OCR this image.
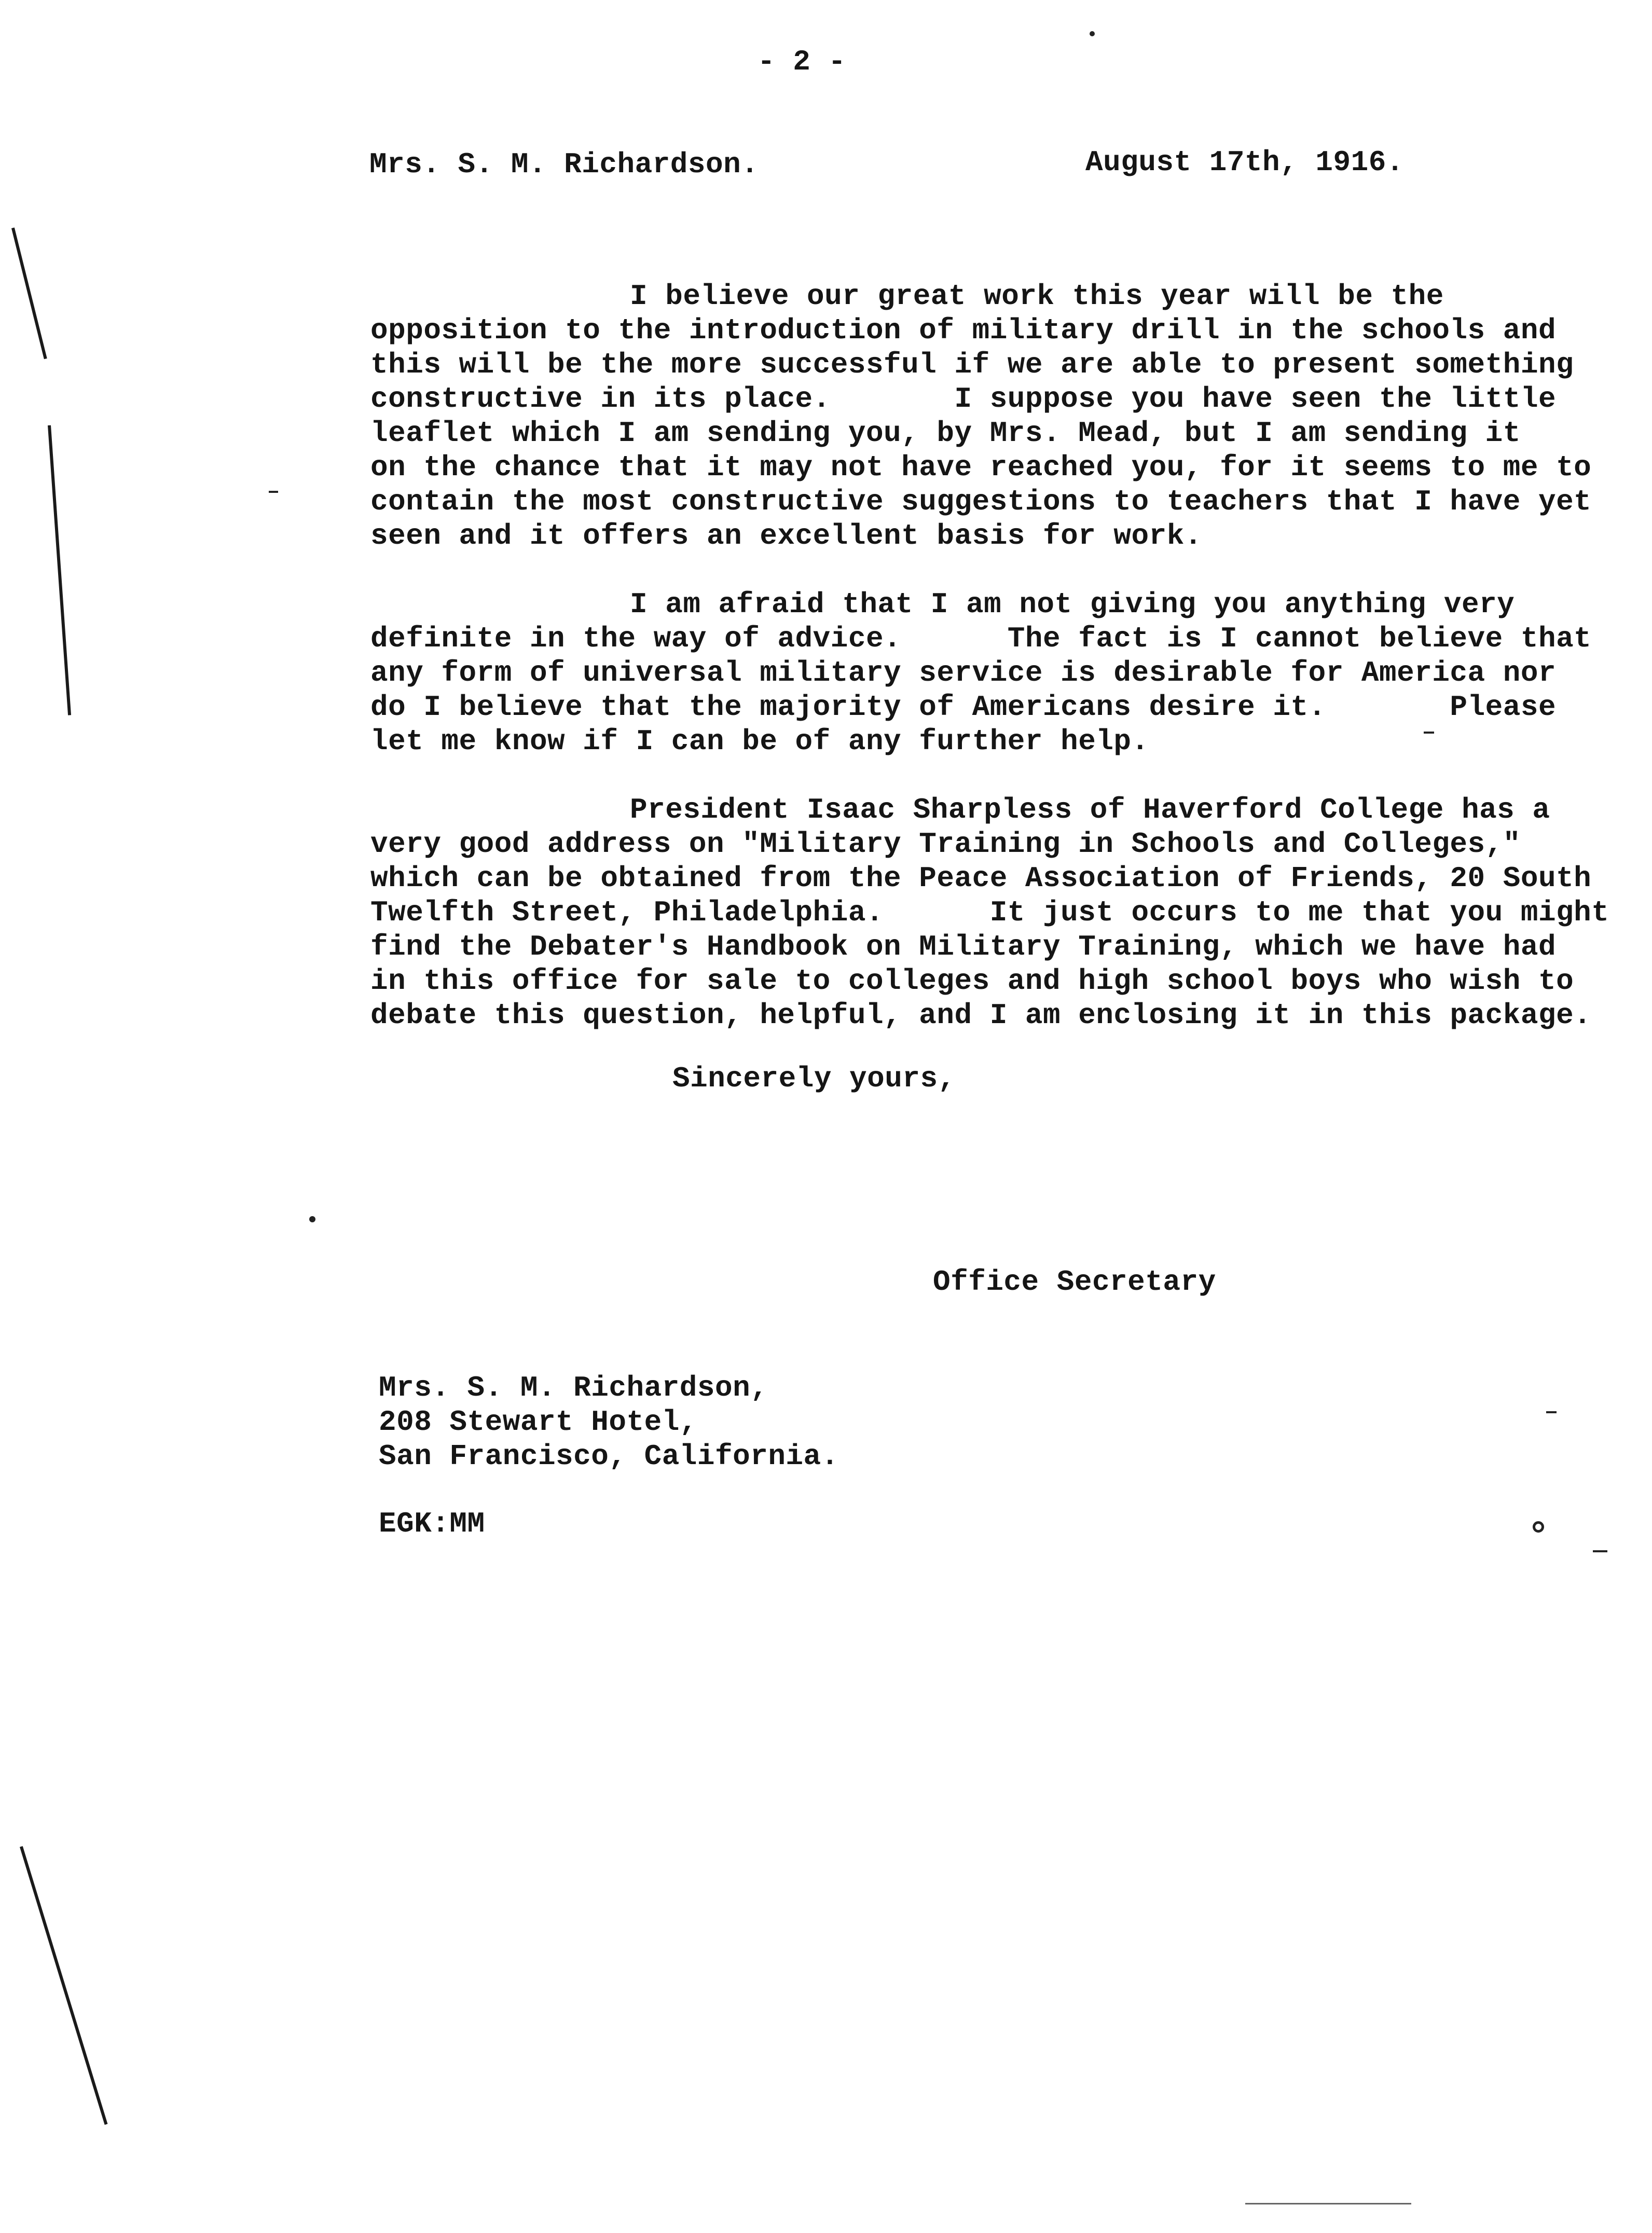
- 2 -
Mrs. S. M. Richardson.	August 17th, 1916.
I believe our great work this year will be the
opposition to the introduction of military drill in the schools and
this will be the more successful if we are able to present something
constructive in its place.       I suppose you have seen the little
leaflet which I am sending you, by Mrs. Mead, but I am sending it
on the chance that it may not have reached you, for it seems to me to
contain the most constructive suggestions to teachers that I have yet
seen and it offers an excellent basis for work.
I am afraid that I am not giving you anything very
definite in the way of advice.      The fact is I cannot believe that
any form of universal military service is desirable for America nor
do I believe that the majority of Americans desire it.       Please
let me know if I can be of any further help.
President Isaac Sharpless of Haverford College has a
very good address on "Military Training in Schools and Colleges,"
which can be obtained from the Peace Association of Friends, 20 South
Twelfth Street, Philadelphia.      It just occurs to me that you might
find the Debater's Handbook on Military Training, which we have had
in this office for sale to colleges and high school boys who wish to
debate this question, helpful, and I am enclosing it in this package.
Sincerely yours,
Office Secretary
Mrs. S. M. Richardson,
208 Stewart Hotel,
San Francisco, California.
EGK:MM
